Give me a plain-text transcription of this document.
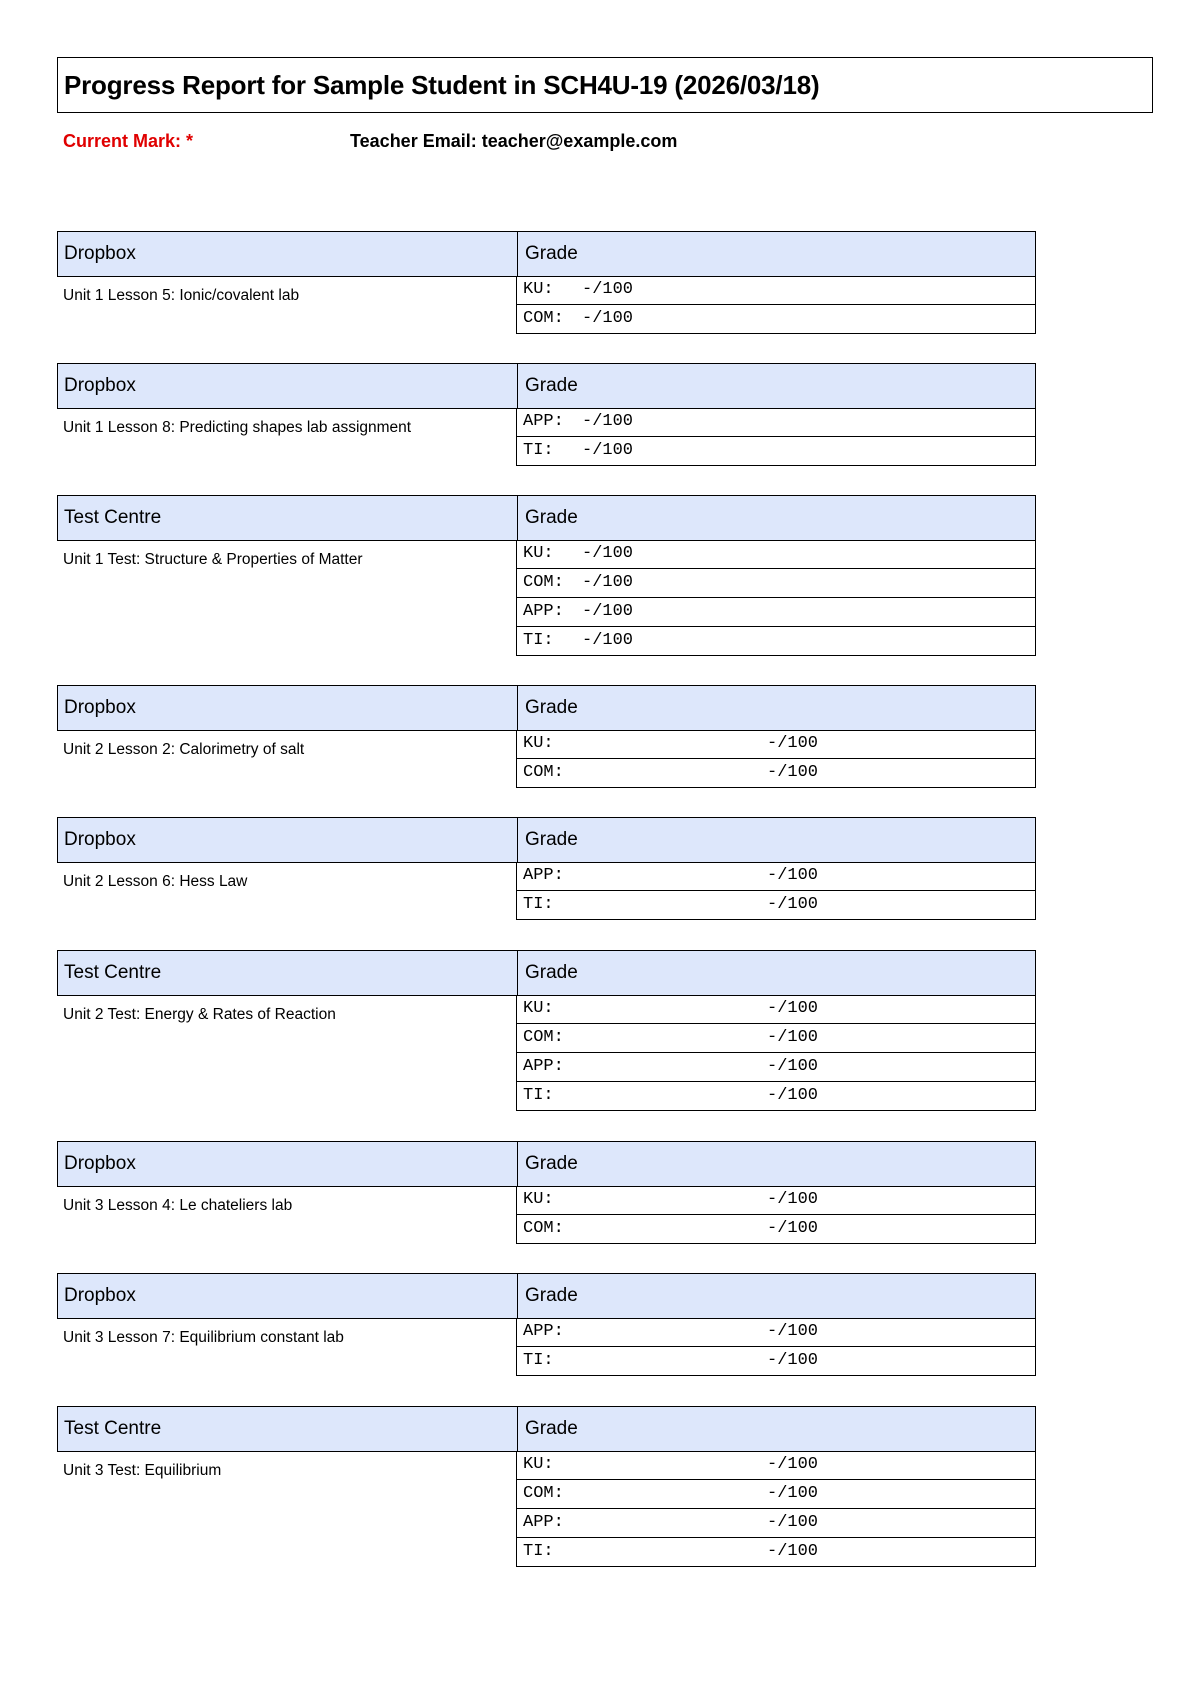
Progress Report for Sample Student in SCH4U-19 (2026/03/18)
Current Mark: *	Teacher Email: teacher@example.com
Dropbox	Grade
Unit 1 Lesson 5: Ionic/covalent lab	KU: -/100
COM: -/100
Dropbox	Grade
Unit 1 Lesson 8: Predicting shapes lab assignment	APP: -/100
TI: -/100
Test Centre	Grade
Unit 1 Test: Structure & Properties of Matter	KU: -/100
COM: -/100
APP: -/100
TI: -/100
Dropbox	Grade
Unit 2 Lesson 2: Calorimetry of salt	KU:	-/100
COM:	-/100
Dropbox	Grade
Unit 2 Lesson 6: Hess Law	APP:	-/100
TI:	-/100
Test Centre	Grade
Unit 2 Test: Energy & Rates of Reaction	KU:	-/100
COM:	-/100
APP:	-/100
TI:	-/100
Dropbox	Grade
Unit 3 Lesson 4: Le chateliers lab	KU:	-/100
COM:	-/100
Dropbox	Grade
Unit 3 Lesson 7: Equilibrium constant lab	APP:	-/100
TI:	-/100
Test Centre	Grade
Unit 3 Test: Equilibrium	KU:	-/100
COM:	-/100
APP:	-/100
TI:	-/100
